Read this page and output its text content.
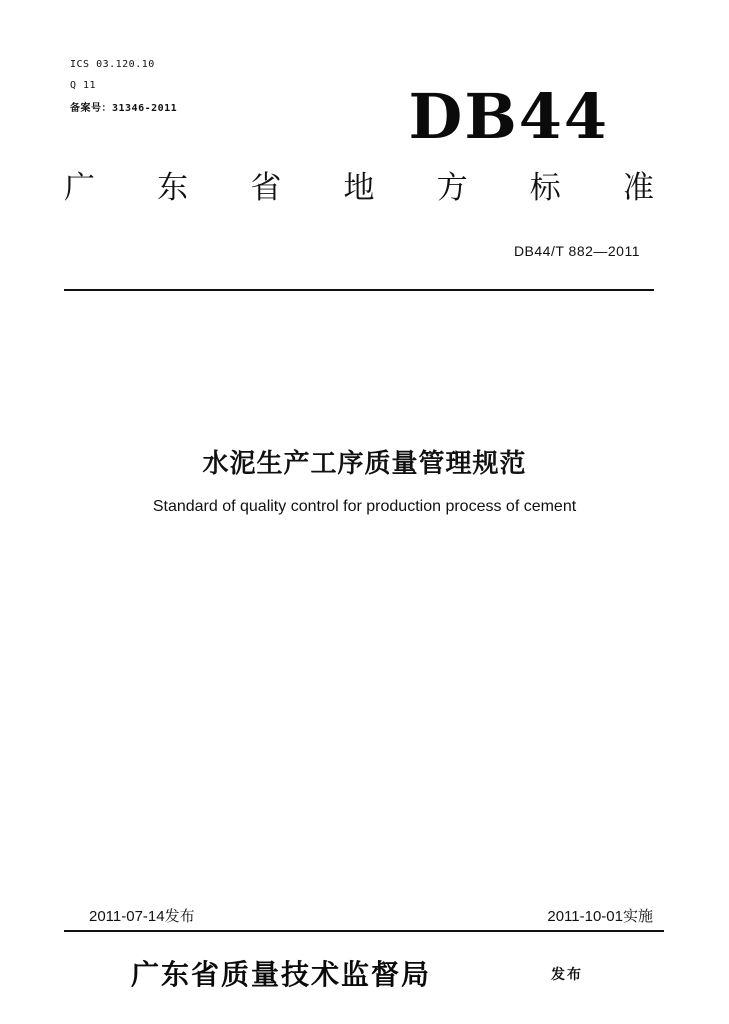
ICS 03.120.10
Q 11
备案号：31346-2011	DB44
广 东 省 地 方 标 准
DB44/T 882—2011
水泥生产工序质量管理规范
Standard of quality control for production process of cement
2011-07-14发布	2011-10-01实施
广东省质量技术监督局	发布
